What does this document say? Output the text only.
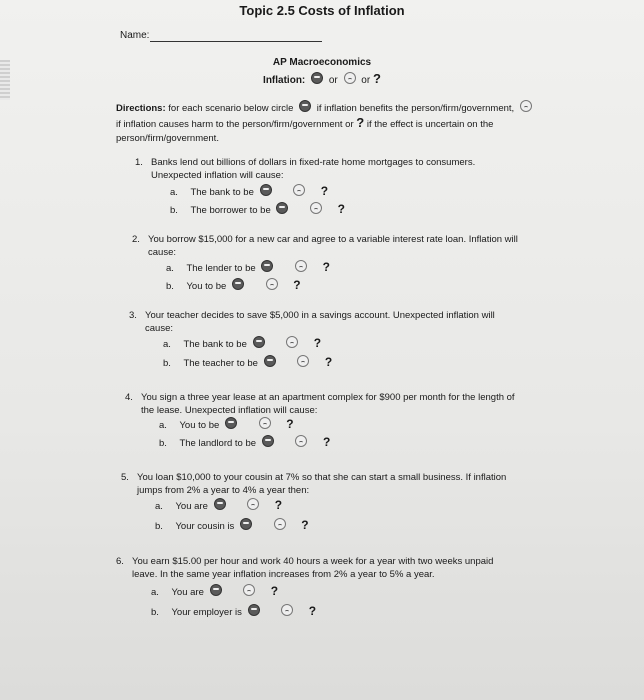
Topic 2.5 Costs of Inflation
Name:
AP Macroeconomics
Inflation: or or ?
Directions: for each scenario below circle if inflation benefits the person/firm/government,
if inflation causes harm to the person/firm/government or ? if the effect is uncertain on the person/firm/government.
1. Banks lend out billions of dollars in fixed-rate home mortgages to consumers.
Unexpected inflation will cause:
a. The bank to be	?
b. The borrower to be	?
2. You borrow $15,000 for a new car and agree to a variable interest rate loan. Inflation will
cause:
a. The lender to be	?
b. You to be	?
3. Your teacher decides to save $5,000 in a savings account. Unexpected inflation will
cause:
a. The bank to be	?
b. The teacher to be	?
4. You sign a three year lease at an apartment complex for $900 per month for the length of
the lease. Unexpected inflation will cause:
a. You to be	?
b. The landlord to be	?
5. You loan $10,000 to your cousin at 7% so that she can start a small business. If inflation
jumps from 2% a year to 4% a year then:
a. You are	?
b. Your cousin is	?
6. You earn $15.00 per hour and work 40 hours a week for a year with two weeks unpaid
leave. In the same year inflation increases from 2% a year to 5% a year.
a. You are	?
b. Your employer is	?
